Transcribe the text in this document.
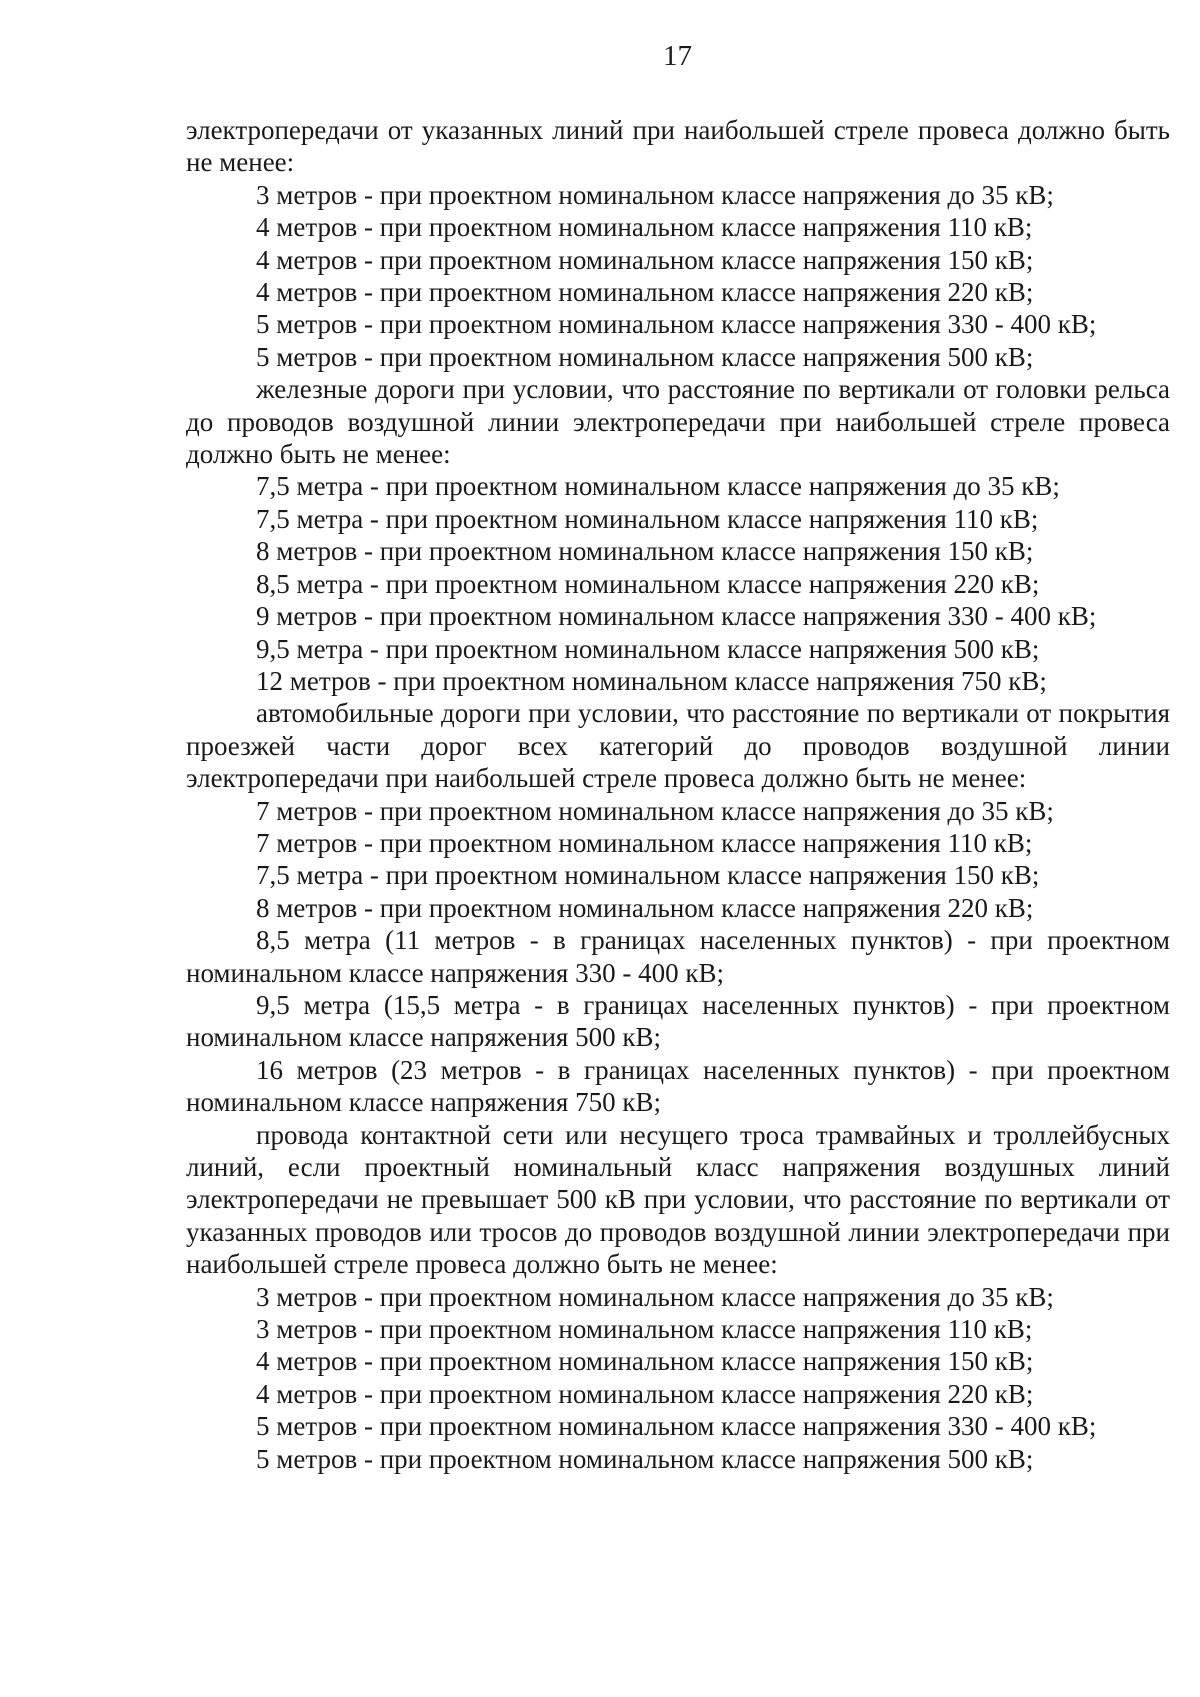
17
электропередачи от указанных линий при наибольшей стреле провеса должно быть не менее:
3 метров - при проектном номинальном классе напряжения до 35 кВ;
4 метров - при проектном номинальном классе напряжения 110 кВ;
4 метров - при проектном номинальном классе напряжения 150 кВ;
4 метров - при проектном номинальном классе напряжения 220 кВ;
5 метров - при проектном номинальном классе напряжения 330 - 400 кВ;
5 метров - при проектном номинальном классе напряжения 500 кВ;
железные дороги при условии, что расстояние по вертикали от головки рельса до проводов воздушной линии электропередачи при наибольшей стреле провеса должно быть не менее:
7,5 метра - при проектном номинальном классе напряжения до 35 кВ;
7,5 метра - при проектном номинальном классе напряжения 110 кВ;
8 метров - при проектном номинальном классе напряжения 150 кВ;
8,5 метра - при проектном номинальном классе напряжения 220 кВ;
9 метров - при проектном номинальном классе напряжения 330 - 400 кВ;
9,5 метра - при проектном номинальном классе напряжения 500 кВ;
12 метров - при проектном номинальном классе напряжения 750 кВ;
автомобильные дороги при условии, что расстояние по вертикали от покрытия проезжей части дорог всех категорий до проводов воздушной линии электропередачи при наибольшей стреле провеса должно быть не менее:
7 метров - при проектном номинальном классе напряжения до 35 кВ;
7 метров - при проектном номинальном классе напряжения 110 кВ;
7,5 метра - при проектном номинальном классе напряжения 150 кВ;
8 метров - при проектном номинальном классе напряжения 220 кВ;
8,5 метра (11 метров - в границах населенных пунктов) - при проектном номинальном классе напряжения 330 - 400 кВ;
9,5 метра (15,5 метра - в границах населенных пунктов) - при проектном номинальном классе напряжения 500 кВ;
16 метров (23 метров - в границах населенных пунктов) - при проектном номинальном классе напряжения 750 кВ;
провода контактной сети или несущего троса трамвайных и троллейбусных линий, если проектный номинальный класс напряжения воздушных линий электропередачи не превышает 500 кВ при условии, что расстояние по вертикали от указанных проводов или тросов до проводов воздушной линии электропередачи при наибольшей стреле провеса должно быть не менее:
3 метров - при проектном номинальном классе напряжения до 35 кВ;
3 метров - при проектном номинальном классе напряжения 110 кВ;
4 метров - при проектном номинальном классе напряжения 150 кВ;
4 метров - при проектном номинальном классе напряжения 220 кВ;
5 метров - при проектном номинальном классе напряжения 330 - 400 кВ;
5 метров - при проектном номинальном классе напряжения 500 кВ;
